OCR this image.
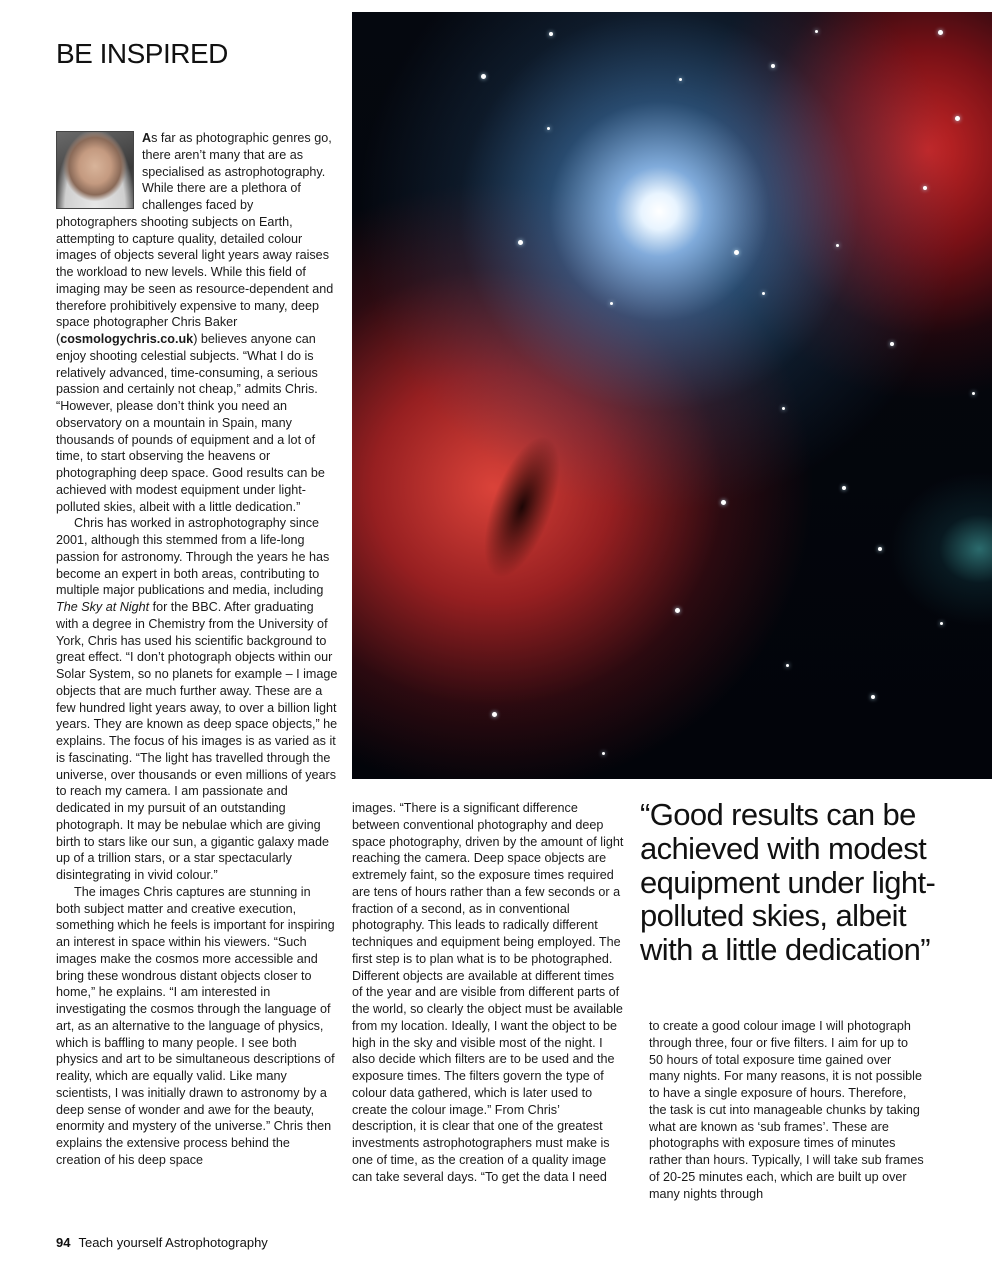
BE INSPIRED

As far as photographic genres go, there aren’t many that are as specialised as astrophotography. While there are a plethora of challenges faced by photographers shooting subjects on Earth, attempting to capture quality, detailed colour images of objects several light years away raises the workload to new levels. While this field of imaging may be seen as resource-dependent and therefore prohibitively expensive to many, deep space photographer Chris Baker (cosmologychris.co.uk) believes anyone can enjoy shooting celestial subjects. “What I do is relatively advanced, time-consuming, a serious passion and certainly not cheap,” admits Chris. “However, please don’t think you need an observatory on a mountain in Spain, many thousands of pounds of equipment and a lot of time, to start observing the heavens or photographing deep space. Good results can be achieved with modest equipment under light-polluted skies, albeit with a little dedication.”

Chris has worked in astrophotography since 2001, although this stemmed from a life-long passion for astronomy. Through the years he has become an expert in both areas, contributing to multiple major publications and media, including The Sky at Night for the BBC. After graduating with a degree in Chemistry from the University of York, Chris has used his scientific background to great effect. “I don’t photograph objects within our Solar System, so no planets for example – I image objects that are much further away. These are a few hundred light years away, to over a billion light years. They are known as deep space objects,” he explains. The focus of his images is as varied as it is fascinating. “The light has travelled through the universe, over thousands or even millions of years to reach my camera. I am passionate and dedicated in my pursuit of an outstanding photograph. It may be nebulae which are giving birth to stars like our sun, a gigantic galaxy made up of a trillion stars, or a star spectacularly disintegrating in vivid colour.”

The images Chris captures are stunning in both subject matter and creative execution, something which he feels is important for inspiring an interest in space within his viewers. “Such images make the cosmos more accessible and bring these wondrous distant objects closer to home,” he explains. “I am interested in investigating the cosmos through the language of art, as an alternative to the language of physics, which is baffling to many people. I see both physics and art to be simultaneous descriptions of reality, which are equally valid. Like many scientists, I was initially drawn to astronomy by a deep sense of wonder and awe for the beauty, enormity and mystery of the universe.” Chris then explains the extensive process behind the creation of his deep space

images. “There is a significant difference between conventional photography and deep space photography, driven by the amount of light reaching the camera. Deep space objects are extremely faint, so the exposure times required are tens of hours rather than a few seconds or a fraction of a second, as in conventional photography. This leads to radically different techniques and equipment being employed. The first step is to plan what is to be photographed. Different objects are available at different times of the year and are visible from different parts of the world, so clearly the object must be available from my location. Ideally, I want the object to be high in the sky and visible most of the night. I also decide which filters are to be used and the exposure times. The filters govern the type of colour data gathered, which is later used to create the colour image.” From Chris’ description, it is clear that one of the greatest investments astrophotographers must make is one of time, as the creation of a quality image can take several days. “To get the data I need

“Good results can be achieved with modest equipment under light-polluted skies, albeit with a little dedication”

to create a good colour image I will photograph through three, four or five filters. I aim for up to 50 hours of total exposure time gained over many nights. For many reasons, it is not possible to have a single exposure of hours. Therefore, the task is cut into manageable chunks by taking what are known as ‘sub frames’. These are photographs with exposure times of minutes rather than hours. Typically, I will take sub frames of 20-25 minutes each, which are built up over many nights through

94 Teach yourself Astrophotography
